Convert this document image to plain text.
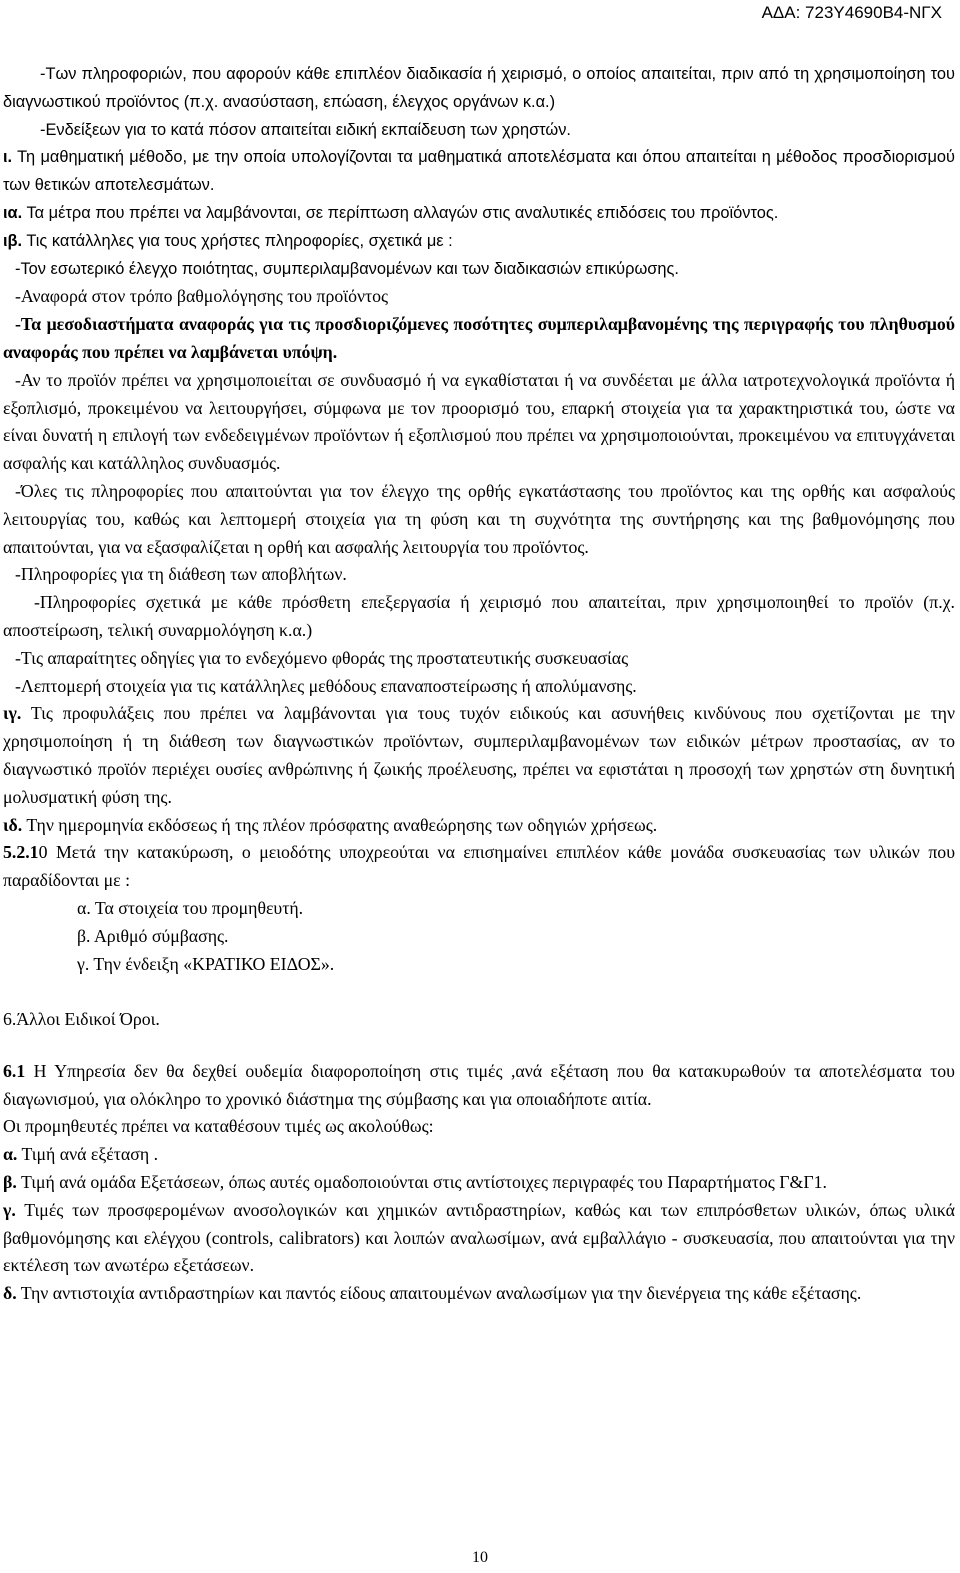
ΑΔΑ: 723Υ4690Β4-ΝΓΧ

-Των πληροφοριών, που αφορούν κάθε επιπλέον διαδικασία ή χειρισμό, ο οποίος απαιτείται, πριν από τη χρησιμοποίηση του διαγνωστικού προϊόντος (π.χ. ανασύσταση, επώαση, έλεγχος οργάνων κ.α.)

-Ενδείξεων για το κατά πόσον απαιτείται ειδική εκπαίδευση των χρηστών.

ι. Τη μαθηματική μέθοδο, με την οποία υπολογίζονται τα μαθηματικά αποτελέσματα και όπου απαιτείται η μέθοδος προσδιορισμού των θετικών αποτελεσμάτων.

ια. Τα μέτρα που πρέπει να λαμβάνονται, σε περίπτωση αλλαγών στις αναλυτικές επιδόσεις του προϊόντος.

ιβ. Τις κατάλληλες για τους χρήστες πληροφορίες, σχετικά με :

-Τον εσωτερικό έλεγχο ποιότητας, συμπεριλαμβανομένων και των διαδικασιών επικύρωσης.

-Αναφορά στον τρόπο βαθμολόγησης του προϊόντος

-Τα μεσοδιαστήματα αναφοράς για τις προσδιοριζόμενες ποσότητες συμπεριλαμβανομένης της περιγραφής του πληθυσμού αναφοράς που πρέπει να λαμβάνεται υπόψη.

-Αν το προϊόν πρέπει να χρησιμοποιείται σε συνδυασμό ή να εγκαθίσταται ή να συνδέεται με άλλα ιατροτεχνολογικά προϊόντα ή εξοπλισμό, προκειμένου να λειτουργήσει, σύμφωνα με τον προορισμό του, επαρκή στοιχεία για τα χαρακτηριστικά του, ώστε να είναι δυνατή η επιλογή των ενδεδειγμένων προϊόντων ή εξοπλισμού που πρέπει να χρησιμοποιούνται, προκειμένου να επιτυγχάνεται ασφαλής και κατάλληλος συνδυασμός.

-Όλες τις πληροφορίες που απαιτούνται για τον έλεγχο της ορθής εγκατάστασης του προϊόντος και της ορθής και ασφαλούς λειτουργίας του, καθώς και λεπτομερή στοιχεία για τη φύση και τη συχνότητα της συντήρησης και της βαθμονόμησης που απαιτούνται, για να εξασφαλίζεται η ορθή και ασφαλής λειτουργία του προϊόντος.

-Πληροφορίες για τη διάθεση των αποβλήτων.

-Πληροφορίες σχετικά με κάθε πρόσθετη επεξεργασία ή χειρισμό που απαιτείται, πριν χρησιμοποιηθεί το προϊόν (π.χ. αποστείρωση, τελική συναρμολόγηση κ.α.)

-Τις απαραίτητες οδηγίες για το ενδεχόμενο φθοράς της προστατευτικής συσκευασίας

-Λεπτομερή στοιχεία για τις κατάλληλες μεθόδους επαναποστείρωσης ή απολύμανσης.

ιγ. Τις προφυλάξεις που πρέπει να λαμβάνονται για τους τυχόν ειδικούς και ασυνήθεις κινδύνους που σχετίζονται με την χρησιμοποίηση ή τη διάθεση των διαγνωστικών προϊόντων, συμπεριλαμβανομένων των ειδικών μέτρων προστασίας, αν το διαγνωστικό προϊόν περιέχει ουσίες ανθρώπινης ή ζωικής προέλευσης, πρέπει να εφιστάται η προσοχή των χρηστών στη δυνητική μολυσματική φύση της.

ιδ. Την ημερομηνία εκδόσεως ή της πλέον πρόσφατης αναθεώρησης των οδηγιών χρήσεως.

5.2.10 Μετά την κατακύρωση, ο μειοδότης υποχρεούται να επισημαίνει επιπλέον κάθε μονάδα συσκευασίας των υλικών που παραδίδονται με :

α. Τα στοιχεία του προμηθευτή.

β. Αριθμό σύμβασης.

γ. Την ένδειξη «ΚΡΑΤΙΚΟ ΕΙΔΟΣ».

6.Άλλοι Ειδικοί Όροι.

6.1 Η Υπηρεσία δεν θα δεχθεί ουδεμία διαφοροποίηση στις τιμές ,ανά εξέταση που θα κατακυρωθούν τα αποτελέσματα του διαγωνισμού, για ολόκληρο το χρονικό διάστημα της σύμβασης και για οποιαδήποτε αιτία.

Οι προμηθευτές πρέπει να καταθέσουν τιμές ως ακολούθως:

α. Τιμή ανά εξέταση .

β. Τιμή ανά ομάδα Εξετάσεων, όπως αυτές ομαδοποιούνται στις αντίστοιχες περιγραφές του Παραρτήματος Γ&Γ1.

γ. Τιμές των προσφερομένων ανοσολογικών και χημικών αντιδραστηρίων, καθώς και των επιπρόσθετων υλικών, όπως υλικά βαθμονόμησης και ελέγχου (controls, calibrators) και λοιπών αναλωσίμων, ανά εμβαλλάγιο - συσκευασία, που απαιτούνται για την εκτέλεση των ανωτέρω εξετάσεων.

δ. Την αντιστοιχία αντιδραστηρίων και παντός είδους απαιτουμένων αναλωσίμων για την διενέργεια της κάθε εξέτασης.

10
